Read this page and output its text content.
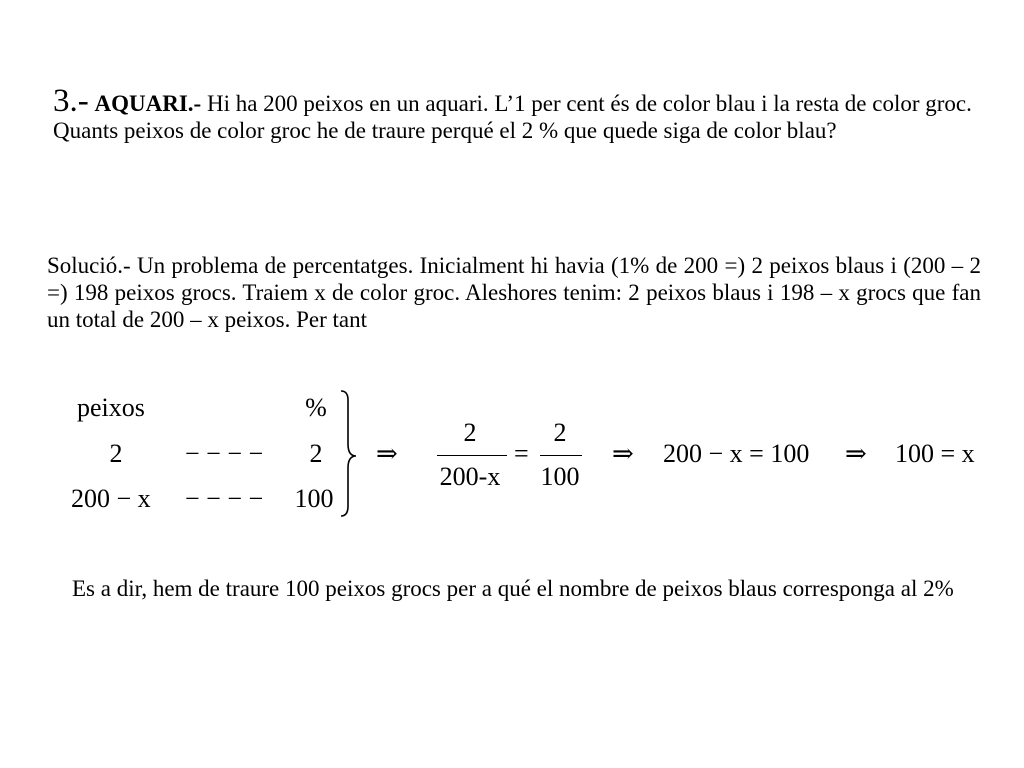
3.- AQUARI.- Hi ha 200 peixos en un aquari. L’1 per cent és de color blau i la resta de color groc. Quants peixos de color groc he de traure perqué el 2 % que quede siga de color blau?
Solució.- Un problema de percentatges. Inicialment hi havia (1% de 200 =) 2 peixos blaus i (200 – 2 =) 198 peixos grocs. Traiem x de color groc. Aleshores tenim: 2 peixos blaus i 198 – x grocs que fan un total de 200 – x peixos. Per tant
peixos	%
2 − − − − 2
200 − x − − − − 100
⇒
2
200-x
=
2
100
⇒ 200 − x = 100 ⇒ 100 = x
Es a dir, hem de traure 100 peixos grocs per a qué el nombre de peixos blaus corresponga al 2%
